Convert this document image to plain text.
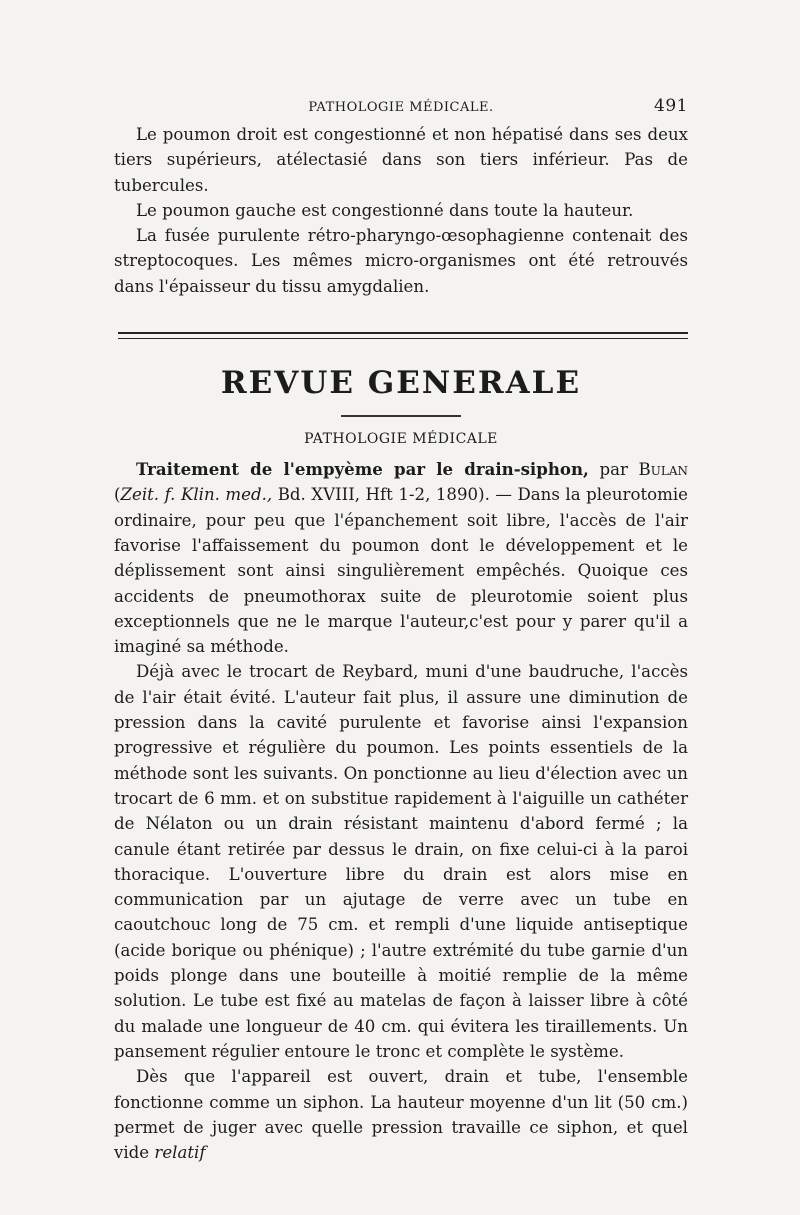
PATHOLOGIE MÉDICALE.	491

Le poumon droit est congestionné et non hépatisé dans ses deux tiers supérieurs, atélectasié dans son tiers inférieur. Pas de tubercules.

Le poumon gauche est congestionné dans toute la hauteur.

La fusée purulente rétro-pharyngo-œsophagienne contenait des streptocoques. Les mêmes micro-organismes ont été retrouvés dans l'épaisseur du tissu amygdalien.

REVUE GENERALE
PATHOLOGIE MÉDICALE

Traitement de l'empyème par le drain-siphon, par Bulan (Zeit. f. Klin. med., Bd. XVIII, Hft 1-2, 1890). — Dans la pleurotomie ordinaire, pour peu que l'épanchement soit libre, l'accès de l'air favorise l'affaissement du poumon dont le développement et le déplissement sont ainsi singulièrement empêchés. Quoique ces accidents de pneumothorax suite de pleurotomie soient plus exceptionnels que ne le marque l'auteur,c'est pour y parer qu'il a imaginé sa méthode.

Déjà avec le trocart de Reybard, muni d'une baudruche, l'accès de l'air était évité. L'auteur fait plus, il assure une diminution de pression dans la cavité purulente et favorise ainsi l'expansion progressive et régulière du poumon. Les points essentiels de la méthode sont les suivants. On ponctionne au lieu d'élection avec un trocart de 6 mm. et on substitue rapidement à l'aiguille un cathéter de Nélaton ou un drain résistant maintenu d'abord fermé ; la canule étant retirée par dessus le drain, on fixe celui-ci à la paroi thoracique. L'ouverture libre du drain est alors mise en communication par un ajutage de verre avec un tube en caoutchouc long de 75 cm. et rempli d'une liquide antiseptique (acide borique ou phénique) ; l'autre extrémité du tube garnie d'un poids plonge dans une bouteille à moitié remplie de la même solution. Le tube est fixé au matelas de façon à laisser libre à côté du malade une longueur de 40 cm. qui évitera les tiraillements. Un pansement régulier entoure le tronc et complète le système.

Dès que l'appareil est ouvert, drain et tube, l'ensemble fonctionne comme un siphon. La hauteur moyenne d'un lit (50 cm.) permet de juger avec quelle pression travaille ce siphon, et quel vide relatif
